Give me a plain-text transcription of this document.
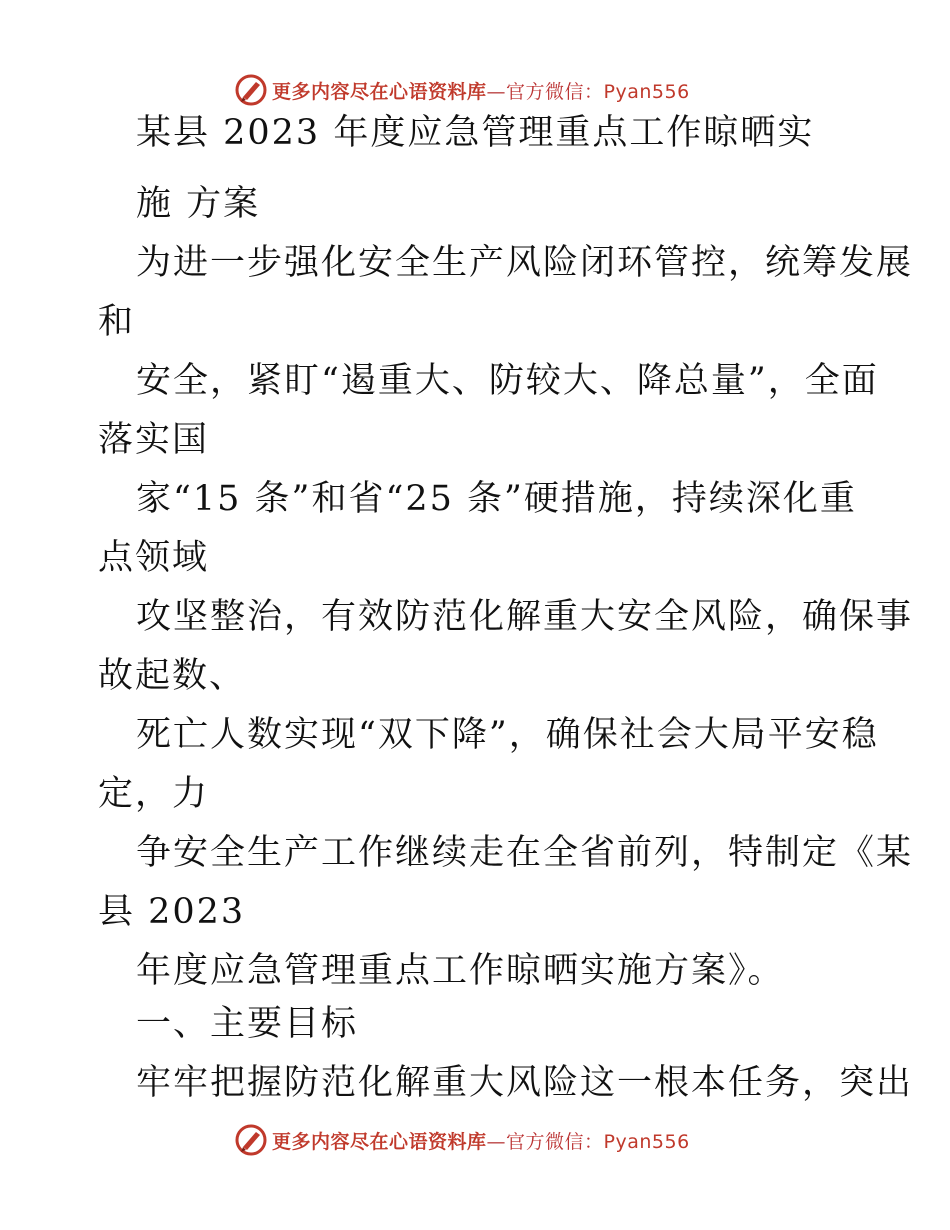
更多内容尽在心语资料库—官方微信：Pyan556
某县 2023 年度应急管理重点工作晾晒实
施 方案
为进一步强化安全生产风险闭环管控，统筹发展
和
安全，紧盯“遏重大、防较大、降总量”，全面
落实国
家“15 条”和省“25 条”硬措施，持续深化重
点领域
攻坚整治，有效防范化解重大安全风险，确保事
故起数、
死亡人数实现“双下降”，确保社会大局平安稳
定，力
争安全生产工作继续走在全省前列，特制定《某
县 2023
年度应急管理重点工作晾晒实施方案》。
一、主要目标
牢牢把握防范化解重大风险这一根本任务，突出
更多内容尽在心语资料库—官方微信：Pyan556
